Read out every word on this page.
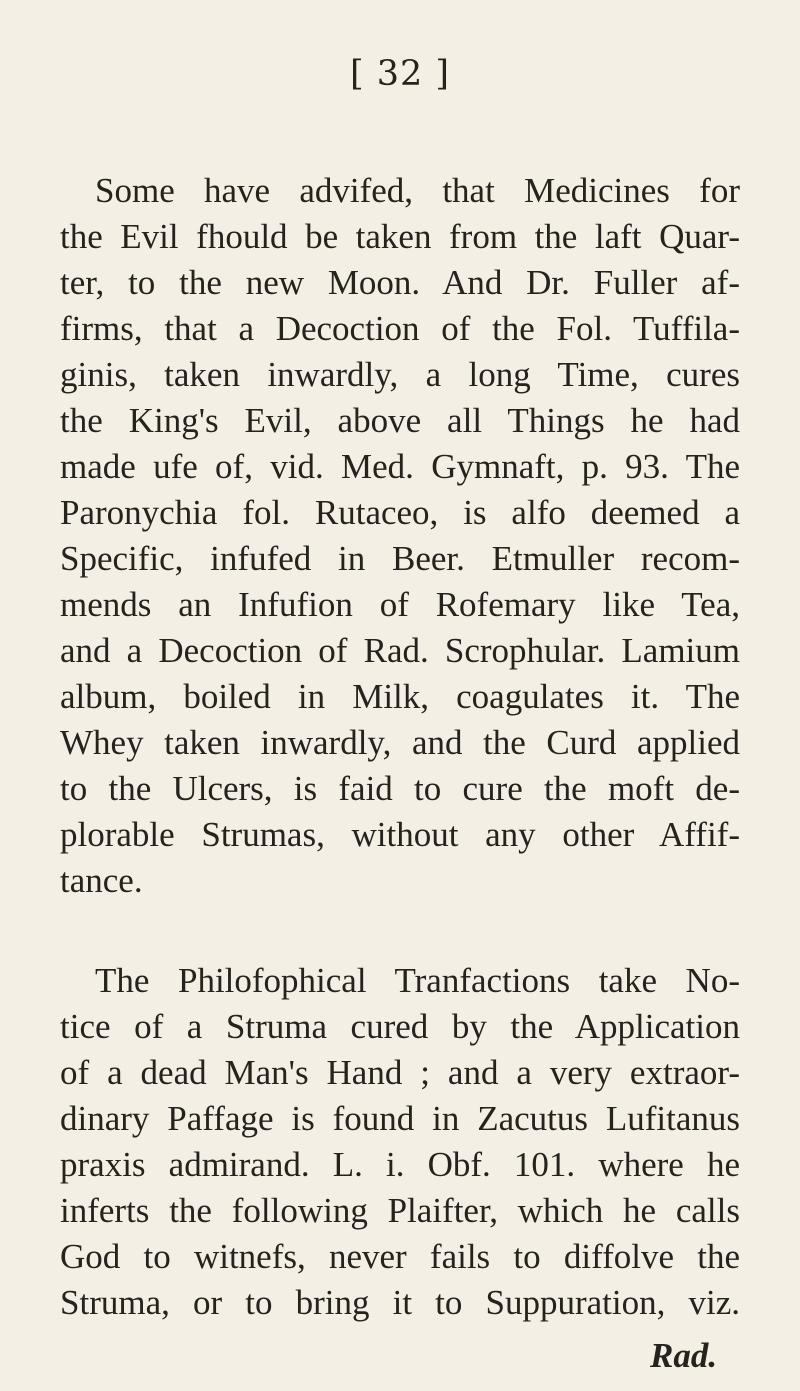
[ 32 ]
Some have advifed, that Medicines for
the Evil fhould be taken from the laft Quar-
ter, to the new Moon. And Dr. Fuller af-
firms, that a Decoction of the Fol. Tuffila-
ginis, taken inwardly, a long Time, cures
the King's Evil, above all Things he had
made ufe of, vid. Med. Gymnaft, p. 93. The
Paronychia fol. Rutaceo, is alfo deemed a
Specific, infufed in Beer. Etmuller recom-
mends an Infufion of Rofemary like Tea,
and a Decoction of Rad. Scrophular. Lamium
album, boiled in Milk, coagulates it. The
Whey taken inwardly, and the Curd applied
to the Ulcers, is faid to cure the moft de-
plorable Strumas, without any other Affif-
tance.
The Philofophical Tranfactions take No-
tice of a Struma cured by the Application
of a dead Man's Hand ; and a very extraor-
dinary Paffage is found in Zacutus Lufitanus
praxis admirand. L. i. Obf. 101. where he
inferts the following Plaifter, which he calls
God to witnefs, never fails to diffolve the
Struma, or to bring it to Suppuration, viz.
Rad.
